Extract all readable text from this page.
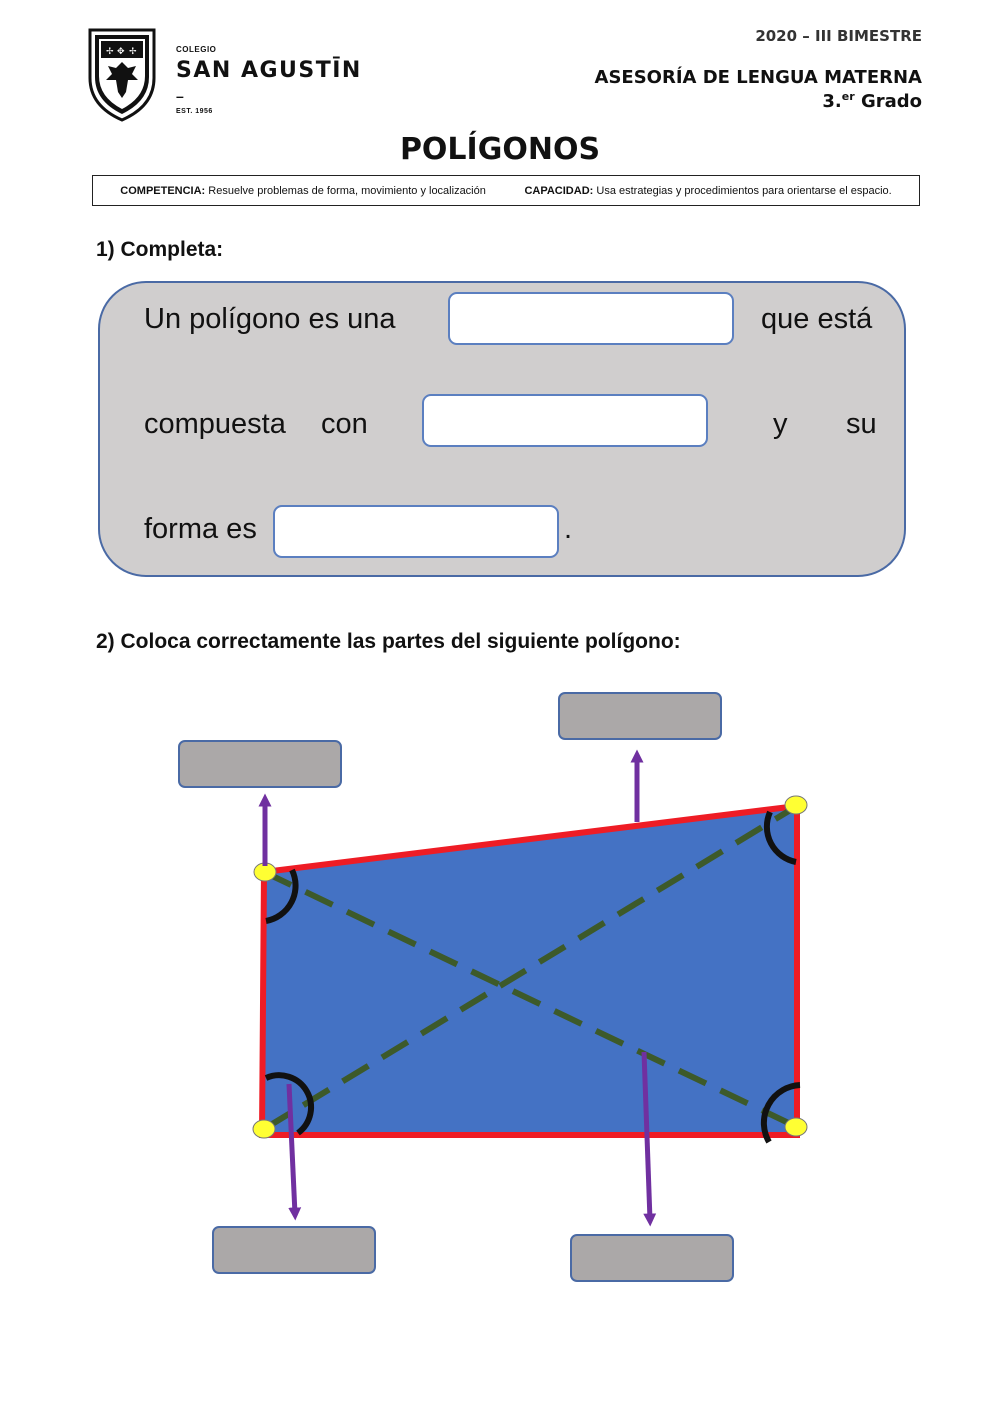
✢ ✥ ✢	COLEGIO
SAN AGUSTĪN
–
EST. 1956
2020 – III BIMESTRE
ASESORÍA DE LENGUA MATERNA
3.$^{er}$ Grado
POLÍGONOS
COMPETENCIA: Resuelve problemas de forma, movimiento y localización	CAPACIDAD: Usa estrategias y procedimientos para orientarse el espacio.
1) Completa:
Un polígono es una	que está
compuesta con	y su
forma es	.
2) Coloca correctamente las partes del siguiente polígono:
